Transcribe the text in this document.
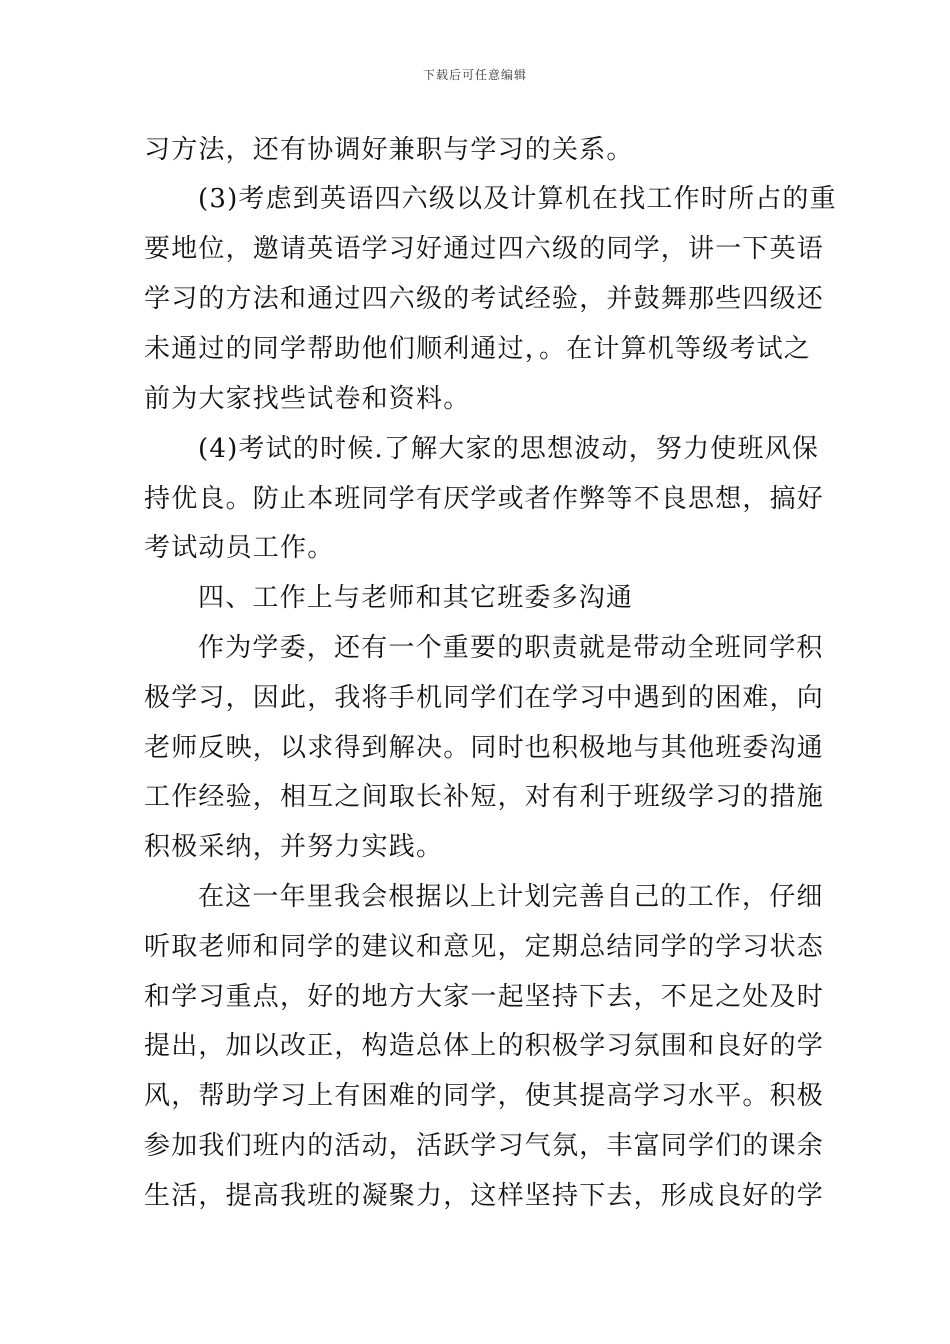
下载后可任意编辑
习方法，还有协调好兼职与学习的关系。
(3)考虑到英语四六级以及计算机在找工作时所占的重
要地位，邀请英语学习好通过四六级的同学，讲一下英语
学习的方法和通过四六级的考试经验，并鼓舞那些四级还
未通过的同学帮助他们顺利通过，。在计算机等级考试之
前为大家找些试卷和资料。
(4)考试的时候.了解大家的思想波动，努力使班风保
持优良。防止本班同学有厌学或者作弊等不良思想，搞好
考试动员工作。
四、工作上与老师和其它班委多沟通
作为学委，还有一个重要的职责就是带动全班同学积
极学习，因此，我将手机同学们在学习中遇到的困难，向
老师反映，以求得到解决。同时也积极地与其他班委沟通
工作经验，相互之间取长补短，对有利于班级学习的措施
积极采纳，并努力实践。
在这一年里我会根据以上计划完善自己的工作，仔细
听取老师和同学的建议和意见，定期总结同学的学习状态
和学习重点，好的地方大家一起坚持下去，不足之处及时
提出，加以改正，构造总体上的积极学习氛围和良好的学
风，帮助学习上有困难的同学，使其提高学习水平。积极
参加我们班内的活动，活跃学习气氛，丰富同学们的课余
生活，提高我班的凝聚力，这样坚持下去，形成良好的学
